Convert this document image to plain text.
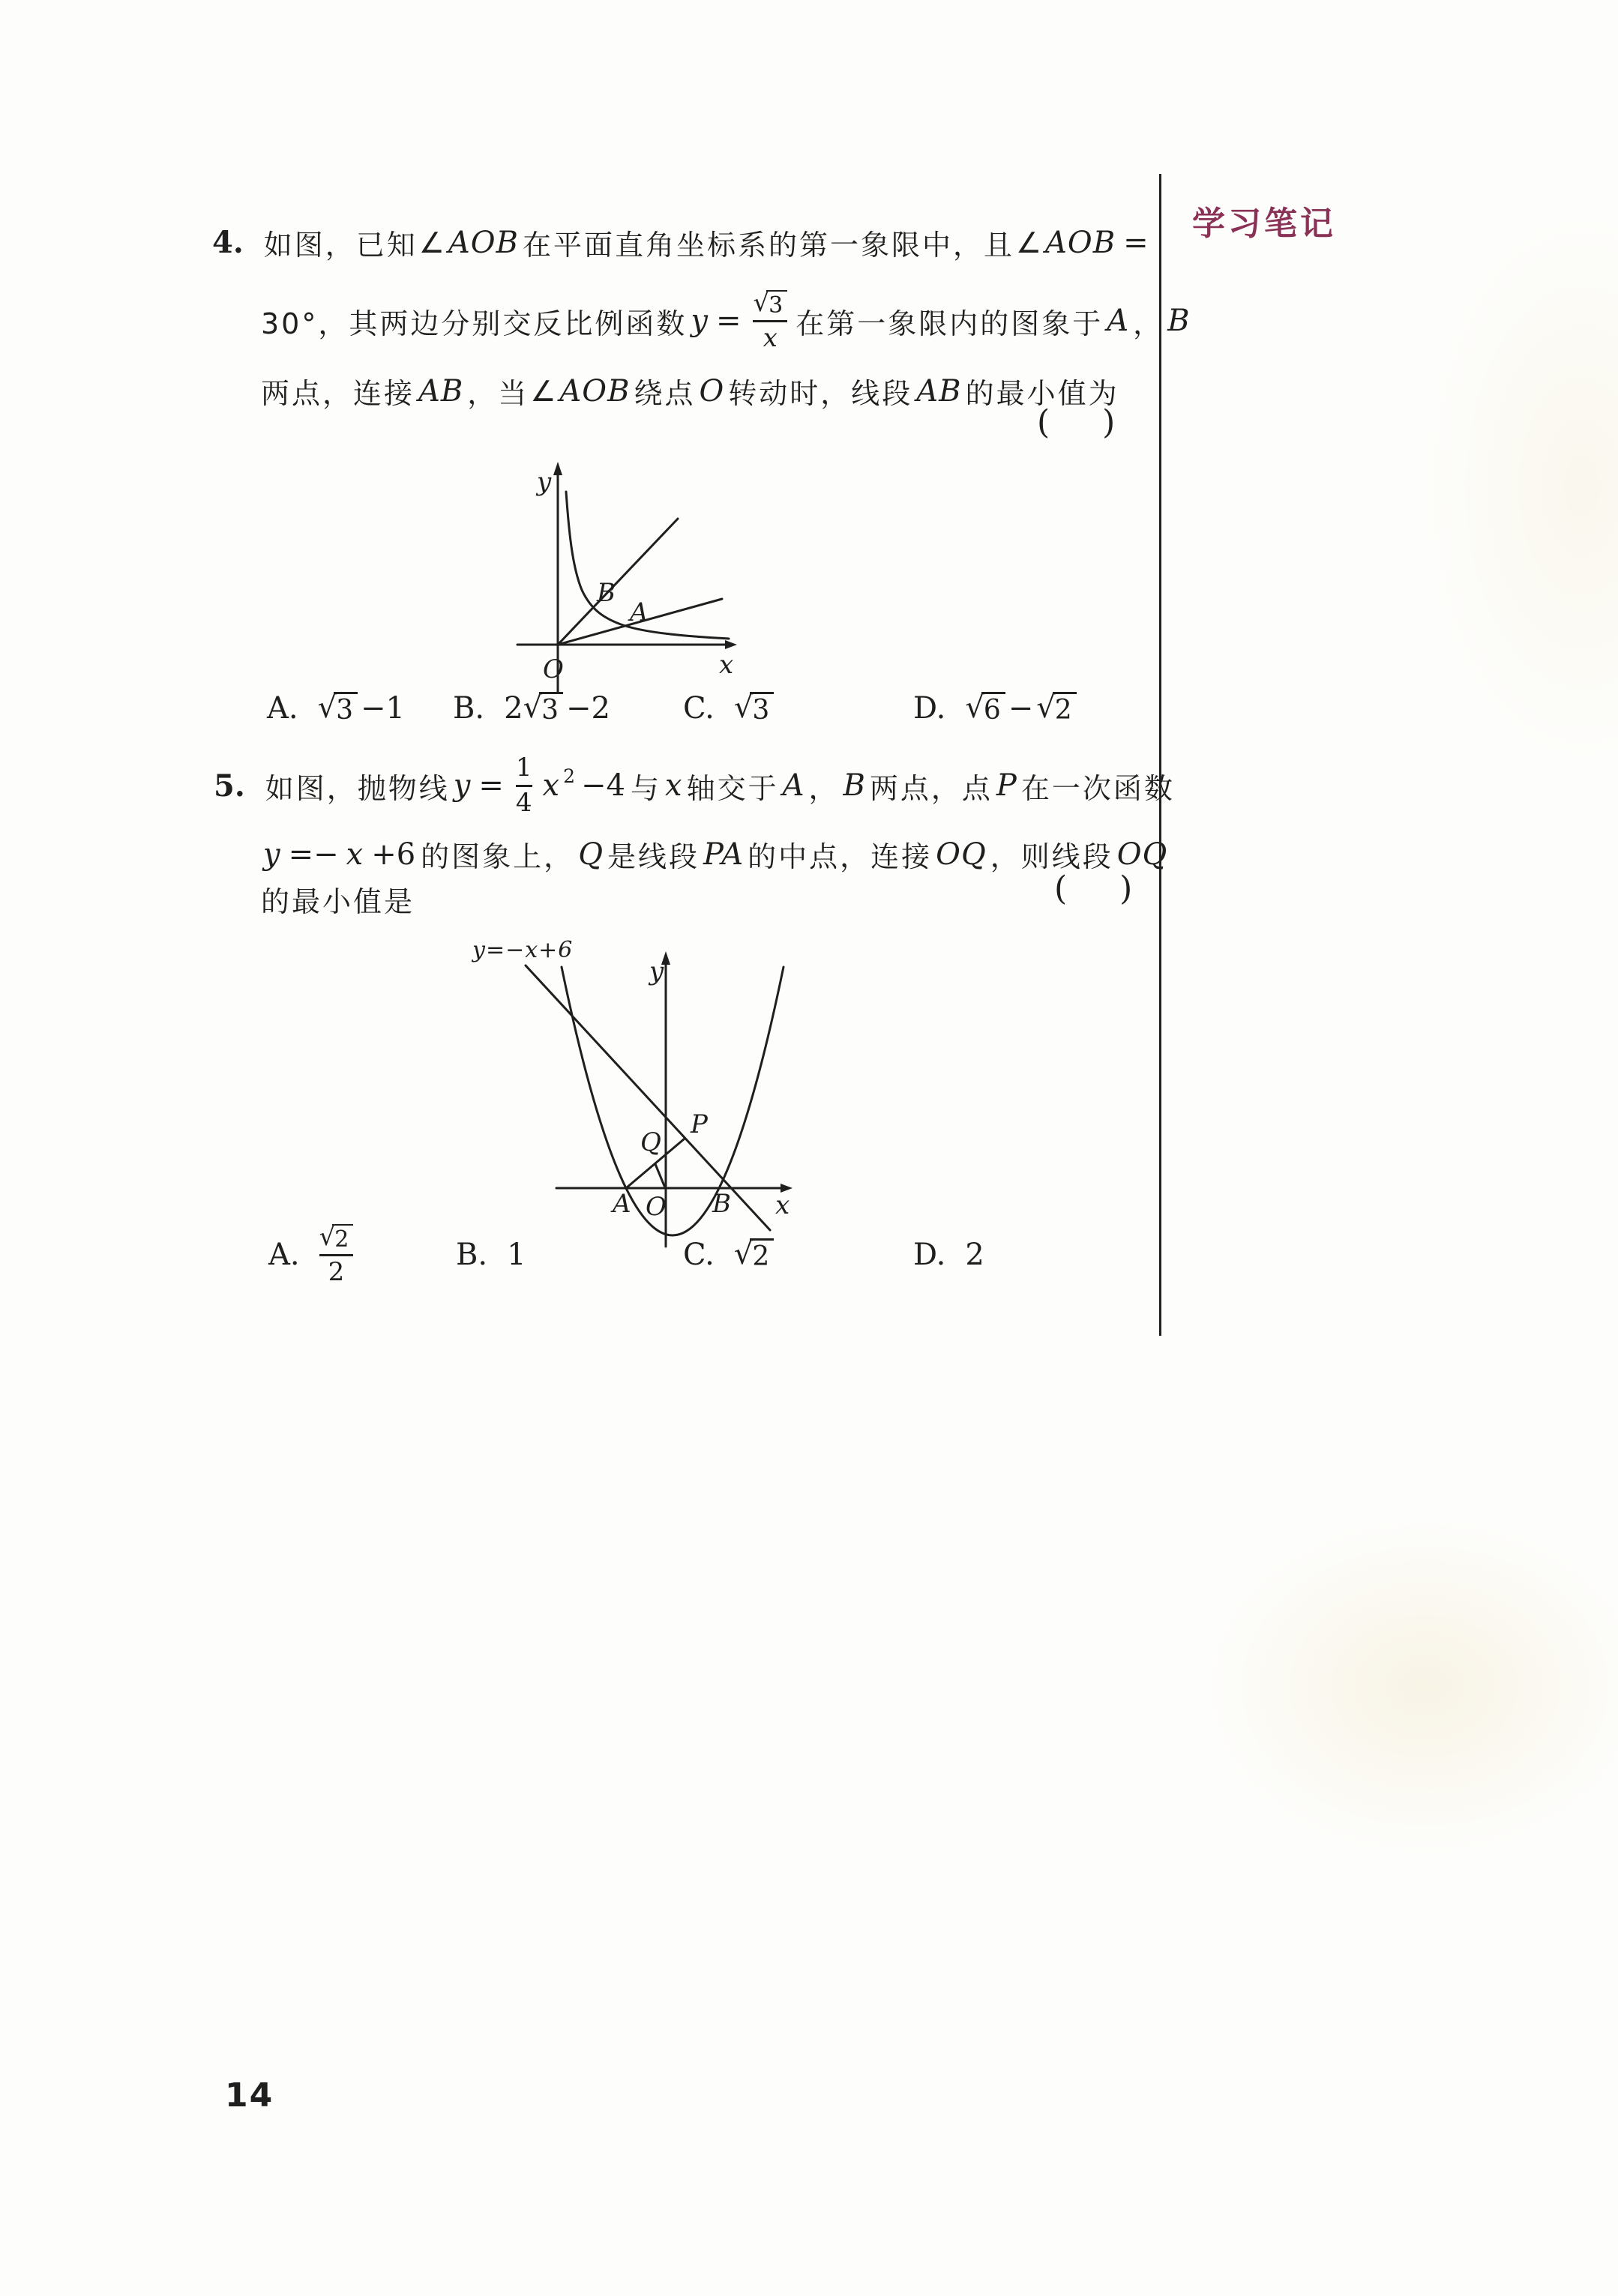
学习笔记
4. 如图，已知 ∠ AOB 在平面直角坐标系的第一象限中，且 ∠ AOB =
30°，其两边分别交反比例函数 $y = \frac{√ 3}{x}$ 在第一象限内的图象于 A ， B
两点，连接 AB ，当 ∠ AOB 绕点 O 转动时，线段 AB 的最小值为
( )
y
x
O
B
A
A. √ 3 −1 B. 2 √ 3 −2 C. √ 3	D. √ 6 − √ 2
5. 如图，抛物线 $y = \frac{1}{4}$ x 2 −4 与 x 轴交于 A ， B 两点，点 P 在一次函数
y =− x +6 的图象上， Q 是线段 PA 的中点，连接 OQ ，则线段 OQ
的最小值是	( )
y=−x+6
y
x
O
A	B
P
Q
A. $\frac{√ 2}{2}$	B. 1	C. √ 2	D. 2
14
